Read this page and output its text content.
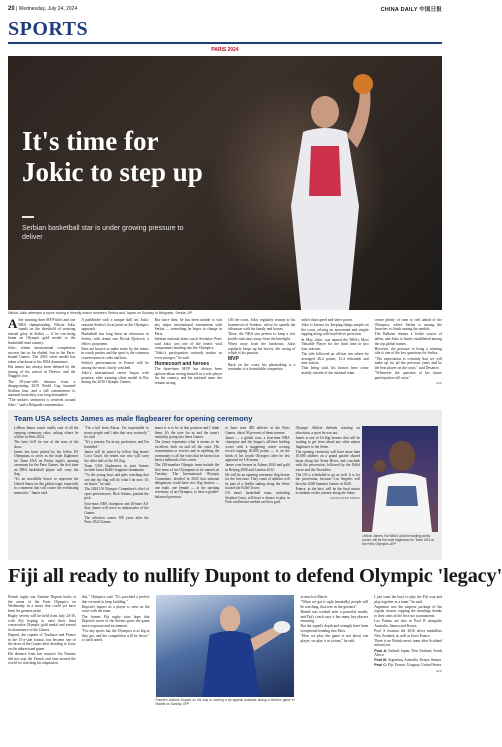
20 | Wednesday, July 24, 2024	CHINA DAILY 中国日报
SPORTS
PARIS 2024
It's time for Jokic to step up
Serbian basketball star is under growing pressure to deliver
Nikola Jokic attempts a score during a friendly match between Serbia and Japan on Sunday in Belgrade, Serbia. AP

After winning three MVP titles and one NBA championship, Nikola Jokic stands on the threshold of securing eternal glory in Serbia — if he can bring home an Olympic gold medal to the basketball-mad country.

Jokic, whom international competition success has so far eluded, lost in the Paris-bound Games. The 2016 silver medal has taken a backseat to his NBA dominance.

His tenure has always been defined by the timing of his arrival in Denver, and the Nuggets' rise.

The 29-year-old's absence from a disappointing 2019 World Cup haunted Serbian fans, and a full commitment to national-team duty was long demanded.

"The nation's sentiment is centered around Jokic," said a Belgrade commentator.

A pathfinder with a unique skill set, Jokic remains Serbia's focal point as the Olympics approach.

Basketball has long been an obsession in Serbia, with tennis star Novak Djokovic a fellow proponent.

Fans are known to make noise by the reams in watch parties and the sport is the common conversation in cafes and bars.

Serbia's performances in France will be among the most closely watched.

Jokic's international career began with promise, after winning silver medal in Rio during the 2016 Olympic Games.

But since then, he has been unable to win any major international tournament with Serbia — something he hopes to change in Paris.

Serbian national team coach Svetislav Pesic said Jokic was one of the team's vital components heading into the Olympics.

"Jokic's participation certainly makes us even stronger," he said.

Homecourt and heroes

The three-time MVP has always been upfront about seeing himself as a role player for the country, and his national team ties remain strong.

Off the court, Jokic regularly returns to his hometown of Sombor, where he spends the offseason with his family and horses.

There, the NBA star prefers to keep a low profile and stays away from the limelight.

When away from the hardcourt, Jokic regularly keeps up his horses, the racing of which is his passion.

MVP

Back on the court, his playmaking is a reminder of a formidable competitor.

rather than speed and sheer power.

Jokic is known for keeping things simple on the court, relying on movement and simple tapping along with hard-drive precision.

In May, Jokic was named the NBA's Most Valuable Player for the third time in just four seasons.

The title followed an all-star run where he averaged 26.4 points, 12.4 rebounds and nine assists.

That being said, his honors have come mainly outside of the national team.

centre plenty of time to reel ahead of the Olympics, where Serbia is among the favorites to finish among the medals.

The Balkans remain a fertile source of talent, and Jokic is firmly established among the top global names.

However, the pressure to bring a winning title is one of the key questions for Serbia.

"The expectation is certainly that we will make up for all the previous years and be the best player on the court," said Desanov.

"Whenever the question of his future participation will arise."

AFP
Team USA selects James as male flagbearer for opening ceremony

LeBron James wasn't totally sure of all the opening ceremony rules, asking where he will be in Paris 2024.

The time, he'll be one of the stars of the show.

James has been picked by his fellow US Olympians to serve as the male flagbearer for Team USA on Friday night's opening ceremony for the Paris Games, the first time an NBA basketball player will carry the flag.

"It's an incredible honor to represent the United States on this global stage, especially in a moment that will create the everlasting memories," James said.

"I'm a kid from Akron. I'm responsible to many people and I take that very seriously," he said.

"It's a journey I'm in my profession, and I'm humbled."

James will be joined by fellow flag bearer Coco Gauff, the tennis star who will carry the other half of the US flag.

Team USA flagbearers in past Games include Jason Kidd's longtime teammates.

"To the young boys and girls watching that one day the flag will do what I do now. It's an honor," he said.

The 2024 US Olympic Committee's chief of sport performance, Rick Adams, praised the pick.

Four-time NBA champion and 20-time All-Star, James will serve as ambassador of the Games.

The selection comes 100 years after the Paris 1924 Games.

honor it is to be in that position and I think them. It's the tone for us and the team's mentality going into these Games.

The honor represents what it means to be excellent, both on and off the court. His commitment to service and to uplifting the community is all the ways that he knows has been a hallmark of his career.

The 230-member Olympic team include the first team of ten Olympians to be named on Tuesday. The International Olympic Committee, decided in 2020 that national delegations could have two flag bearers — one male, one female — at the opening ceremony of an Olympics, to have a gender-balanced presence.

to have seen 485 athletes at the Paris Games, about 50 percent of them women.

James — a global icon, a four-time NBA champion and the league's all-time leading scorer with a staggering career scoring record topping 40,000 points — is on the brink of his fourth Olympics after he last appeared for US teams.

James won bronze in Athens 2004 and gold in Beijing 2008 and London 2012.

He will be an opening ceremony flag bearer for the first time. They count of athletes will be part of a flotilla sailing along the Seine toward the Eiffel Tower.

US men's basketball team, including Stephen Curry, will have a chance to play in Paris and bronze medals are their goal.

Olympic Athlete defends winning on television, a sport he was not.

James is one of 16 flag bearers that will be waiting to get from ahead any other nation flagbearer to the Seine.

The opening ceremony will have more than 10,000 athletes on a grand parade aboard boats along the Seine River, and conclude with the procession, followed by the Eiffel tower and the Trocadéro.

The US is scheduled to go as well. It is for the procession, because Los Angeles will host the 2028 Summer Games in 2028.

France, as the host, will be the final nation to embark on the journey along the Seine.

ASSOCIATED PRESS
LeBron James, the NBA's all-time leading points scorer, will be the male flagbearer for Team USA at the Paris Olympics. AFP
Fiji all ready to nullify Dupont to defend Olympic 'legacy'

French rugby star Antoine Dupont looks at the arena of the Paris Olympics on Wednesday in a move that could yet have been his greatest prize.

Rugby sevens will be held from July 24-30, with Fiji hoping to earn their third consecutive Olympic gold medal and extend its dominance of the Games.

Dupont, the captain of Toulouse and France in the 15-a-side format, has become one of the faces of the Games after deciding to focus on the abbreviated game.

His absence from last season's Six Nations did not stop the French and fans around the world for watching his adaptation.

this," Olympics said. "It's provided a perfect that we need to keep building."

Dupont's impact as a player is seen on the court with the team.

The former Fiji rugby stars hope that Dupont's move to the Sevens gives the game more exposure and excitement.

"For any sports fan, the Olympics is as big as they get, and the competition will be fierce," a coach noted.

France's Antoine Dupont on his way to scoring a try against Australia during a Sevens game in Madrid on Sunday. AFP

as much in March.

"When we got it right (mentally) people will be watching, that sees us the greatest".

Hamdi was worked after a powerful month, and Fiji's coach says it has many key players returning.

But the squad's depth and strength have been exceptional heading into Paris.

"How we play the game is not about one player, we play it as a team," he said.

I just want the boys to play the Fiji way and play together as a team," he said.

Argentina was the surprise package of the regular season, topping the standings thanks to their wins in the first two tournaments.

Los Pumas are also in Pool B alongside Australia, Samoa and Kenya.

Pool A features the 2016 silver medallists New Zealand, as well as hosts France.

There is no British men's team after Scotland missed out.

Pool A: Ireland, Japan, New Zealand, South Africa

Pool B: Argentina, Australia, Kenya, Samoa

Pool C: Fiji, France, Uruguay, United States

AFP
